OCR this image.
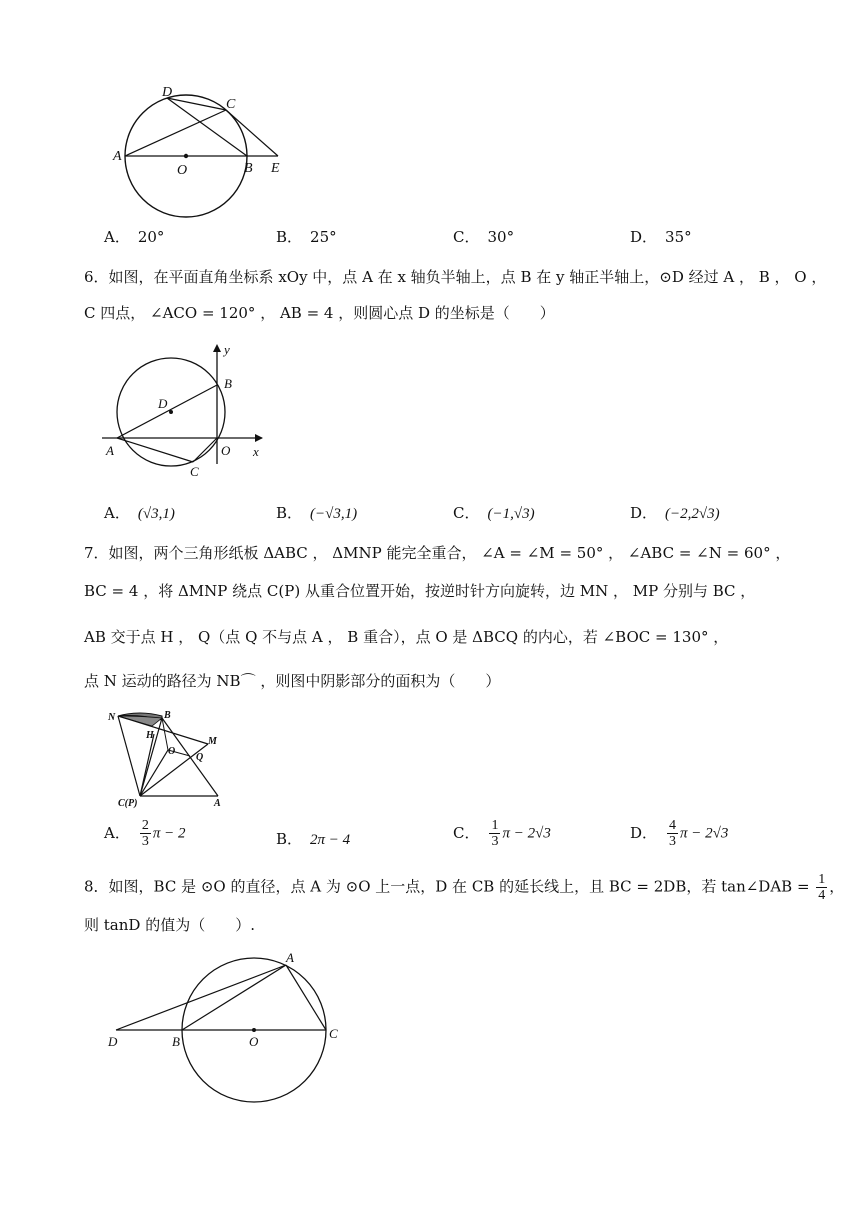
D
C
A
O	B E
A． 20°	B． 25°	C． 30°	D． 35°
6．如图，在平面直角坐标系 xOy 中，点 A 在 x 轴负半轴上，点 B 在 y 轴正半轴上，⊙D 经过 A ， B ， O ，
C 四点， ∠ACO = 120° ， AB = 4 ，则圆心点 D 的坐标是（　　）
y
B
D
A	O
C
x
A． (√3,1)	B． (−√3,1)	C． (−1,√3)	D． (−2,2√3)
7．如图，两个三角形纸板 ΔABC ， ΔMNP 能完全重合， ∠A = ∠M = 50° ， ∠ABC = ∠N = 60° ，
BC = 4 ，将 ΔMNP 绕点 C(P) 从重合位置开始，按逆时针方向旋转，边 MN ， MP 分别与 BC ，
AB 交于点 H ， Q（点 Q 不与点 A ， B 重合），点 O 是 ΔBCQ 的内心，若 ∠BOC = 130° ，
点 N 运动的路径为 NB⌒ ，则图中阴影部分的面积为（　　）
N	B
H
O
M
Q
C(P)	A
A． $\frac{2}{3}$ π − 2	B． 2π − 4	C． $\frac{1}{3}$ π − 2√3	D． $\frac{4}{3}$ π − 2√3
8．如图，BC 是 ⊙O 的直径，点 A 为 ⊙O 上一点，D 在 CB 的延长线上，且 BC = 2DB，若 tan∠DAB = $\frac{1}{4}$ ，
则 tanD 的值为（　　）.
A
D	B	O
C
